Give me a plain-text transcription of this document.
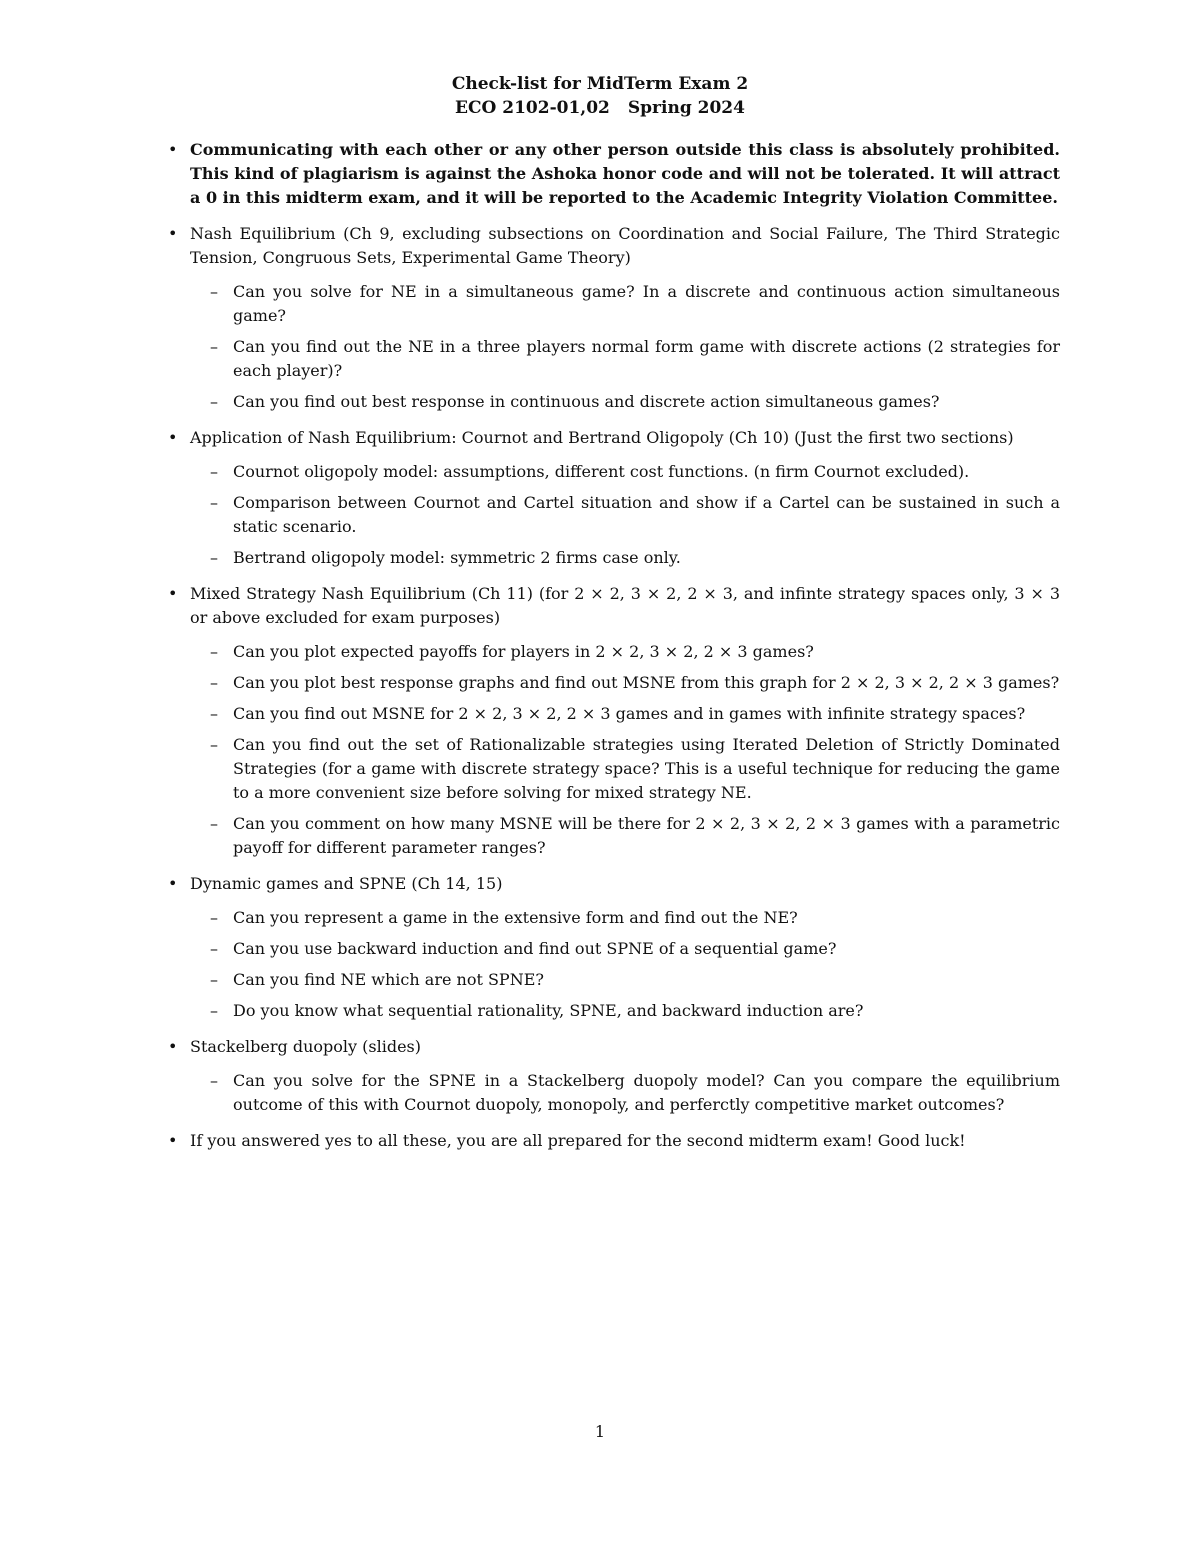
Check-list for MidTerm Exam 2
ECO 2102-01,02 Spring 2024
• Communicating with each other or any other person outside this class is absolutely prohibited. This kind of plagiarism is against the Ashoka honor code and will not be tolerated. It will attract a 0 in this midterm exam, and it will be reported to the Academic Integrity Violation Committee.

• Nash Equilibrium (Ch 9, excluding subsections on Coordination and Social Failure, The Third Strategic Tension, Congruous Sets, Experimental Game Theory)

– Can you solve for NE in a simultaneous game? In a discrete and continuous action simultaneous game?
– Can you find out the NE in a three players normal form game with discrete actions (2 strategies for each player)?
– Can you find out best response in continuous and discrete action simultaneous games?
• Application of Nash Equilibrium: Cournot and Bertrand Oligopoly (Ch 10) (Just the first two sections)

– Cournot oligopoly model: assumptions, different cost functions. (n firm Cournot excluded).
– Comparison between Cournot and Cartel situation and show if a Cartel can be sustained in such a static scenario.
– Bertrand oligopoly model: symmetric 2 firms case only.
• Mixed Strategy Nash Equilibrium (Ch 11) (for 2 × 2, 3 × 2, 2 × 3, and infinte strategy spaces only, 3 × 3 or above excluded for exam purposes)

– Can you plot expected payoffs for players in 2 × 2, 3 × 2, 2 × 3 games?
– Can you plot best response graphs and find out MSNE from this graph for 2 × 2, 3 × 2, 2 × 3 games?
– Can you find out MSNE for 2 × 2, 3 × 2, 2 × 3 games and in games with infinite strategy spaces?
– Can you find out the set of Rationalizable strategies using Iterated Deletion of Strictly Dominated Strategies (for a game with discrete strategy space? This is a useful technique for reducing the game to a more convenient size before solving for mixed strategy NE.
– Can you comment on how many MSNE will be there for 2 × 2, 3 × 2, 2 × 3 games with a parametric payoff for different parameter ranges?
• Dynamic games and SPNE (Ch 14, 15)

– Can you represent a game in the extensive form and find out the NE?
– Can you use backward induction and find out SPNE of a sequential game?
– Can you find NE which are not SPNE?
– Do you know what sequential rationality, SPNE, and backward induction are?
• Stackelberg duopoly (slides)

– Can you solve for the SPNE in a Stackelberg duopoly model? Can you compare the equilibrium outcome of this with Cournot duopoly, monopoly, and perferctly competitive market outcomes?
• If you answered yes to all these, you are all prepared for the second midterm exam! Good luck!

1
